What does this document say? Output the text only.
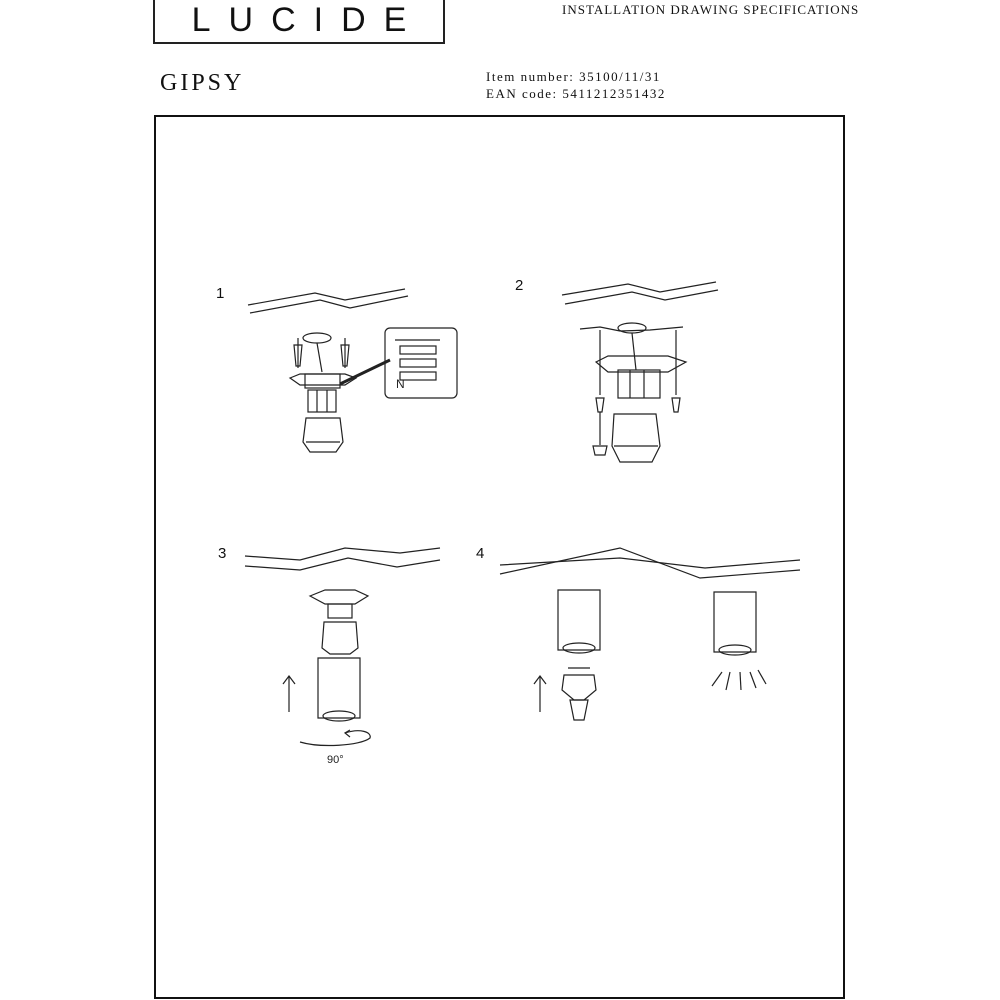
LUCIDE	INSTALLATION DRAWING SPECIFICATIONS
GIPSY	Item number: 35100/11/31
EAN code: 5411212351432
1
N
2
3
90°
4
